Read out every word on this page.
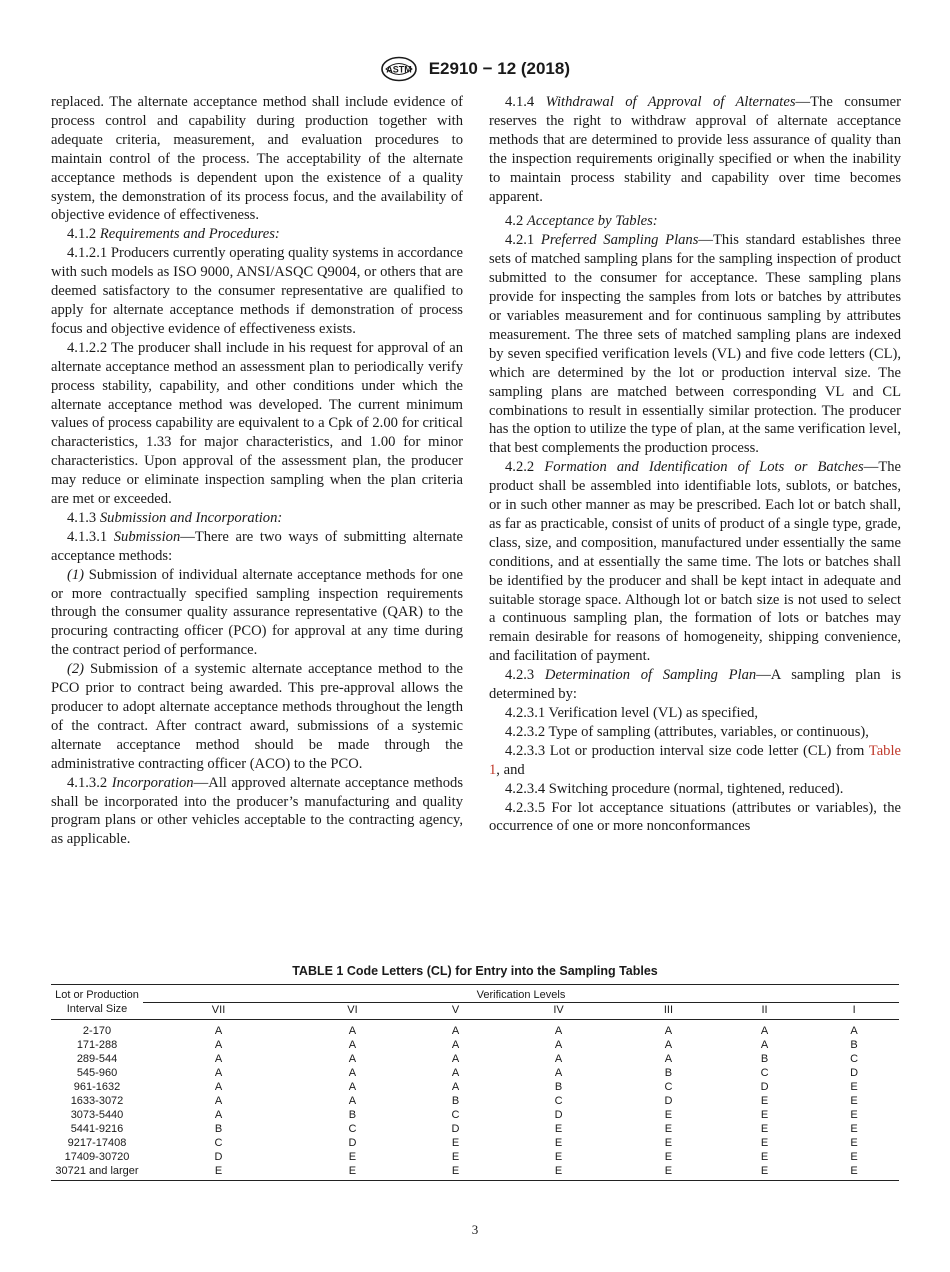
ASTM E2910 − 12 (2018)

replaced. The alternate acceptance method shall include evidence of process control and capability during production together with adequate criteria, measurement, and evaluation procedures to maintain control of the process. The acceptability of the alternate acceptance methods is dependent upon the existence of a quality system, the demonstration of its process focus, and the availability of objective evidence of effectiveness.

4.1.2 Requirements and Procedures:

4.1.2.1 Producers currently operating quality systems in accordance with such models as ISO 9000, ANSI/ASQC Q9004, or others that are deemed satisfactory to the consumer representative are qualified to apply for alternate acceptance methods if demonstration of process focus and objective evidence of effectiveness exists.

4.1.2.2 The producer shall include in his request for approval of an alternate acceptance method an assessment plan to periodically verify process stability, capability, and other conditions under which the alternate acceptance method was developed. The current minimum values of process capability are equivalent to a Cpk of 2.00 for critical characteristics, 1.33 for major characteristics, and 1.00 for minor characteristics. Upon approval of the assessment plan, the producer may reduce or eliminate inspection sampling when the plan criteria are met or exceeded.

4.1.3 Submission and Incorporation:

4.1.3.1 Submission—There are two ways of submitting alternate acceptance methods:

(1) Submission of individual alternate acceptance methods for one or more contractually specified sampling inspection requirements through the consumer quality assurance representative (QAR) to the procuring contracting officer (PCO) for approval at any time during the contract period of performance.

(2) Submission of a systemic alternate acceptance method to the PCO prior to contract being awarded. This pre-approval allows the producer to adopt alternate acceptance methods throughout the length of the contract. After contract award, submissions of a systemic alternate acceptance method should be made through the administrative contracting officer (ACO) to the PCO.

4.1.3.2 Incorporation—All approved alternate acceptance methods shall be incorporated into the producer’s manufacturing and quality program plans or other vehicles acceptable to the contracting agency, as applicable.

4.1.4 Withdrawal of Approval of Alternates—The consumer reserves the right to withdraw approval of alternate acceptance methods that are determined to provide less assurance of quality than the inspection requirements originally specified or when the inability to maintain process stability and capability over time becomes apparent.

4.2 Acceptance by Tables:

4.2.1 Preferred Sampling Plans—This standard establishes three sets of matched sampling plans for the sampling inspection of product submitted to the consumer for acceptance. These sampling plans provide for inspecting the samples from lots or batches by attributes or variables measurement and for continuous sampling by attributes measurement. The three sets of matched sampling plans are indexed by seven specified verification levels (VL) and five code letters (CL), which are determined by the lot or production interval size. The sampling plans are matched between corresponding VL and CL combinations to result in essentially similar protection. The producer has the option to utilize the type of plan, at the same verification level, that best complements the production process.

4.2.2 Formation and Identification of Lots or Batches—The product shall be assembled into identifiable lots, sublots, or batches, or in such other manner as may be prescribed. Each lot or batch shall, as far as practicable, consist of units of product of a single type, grade, class, size, and composition, manufactured under essentially the same conditions, and at essentially the same time. The lots or batches shall be identified by the producer and shall be kept intact in adequate and suitable storage space. Although lot or batch size is not used to select a continuous sampling plan, the formation of lots or batches may remain desirable for reasons of homogeneity, shipping convenience, and facilitation of payment.

4.2.3 Determination of Sampling Plan—A sampling plan is determined by:

4.2.3.1 Verification level (VL) as specified,

4.2.3.2 Type of sampling (attributes, variables, or continuous),

4.2.3.3 Lot or production interval size code letter (CL) from Table 1, and

4.2.3.4 Switching procedure (normal, tightened, reduced).

4.2.3.5 For lot acceptance situations (attributes or variables), the occurrence of one or more nonconformances

TABLE 1 Code Letters (CL) for Entry into the Sampling Tables
Lot or Production
Interval Size	Verification Levels						
	VII	VI	V	IV	III	II	I
2-170	A	A	A	A	A	A	A
171-288	A	A	A	A	A	A	B
289-544	A	A	A	A	A	B	C
545-960	A	A	A	A	B	C	D
961-1632	A	A	A	B	C	D	E
1633-3072	A	A	B	C	D	E	E
3073-5440	A	B	C	D	E	E	E
5441-9216	B	C	D	E	E	E	E
9217-17408	C	D	E	E	E	E	E
17409-30720	D	E	E	E	E	E	E
30721 and larger	E	E	E	E	E	E	E
3
